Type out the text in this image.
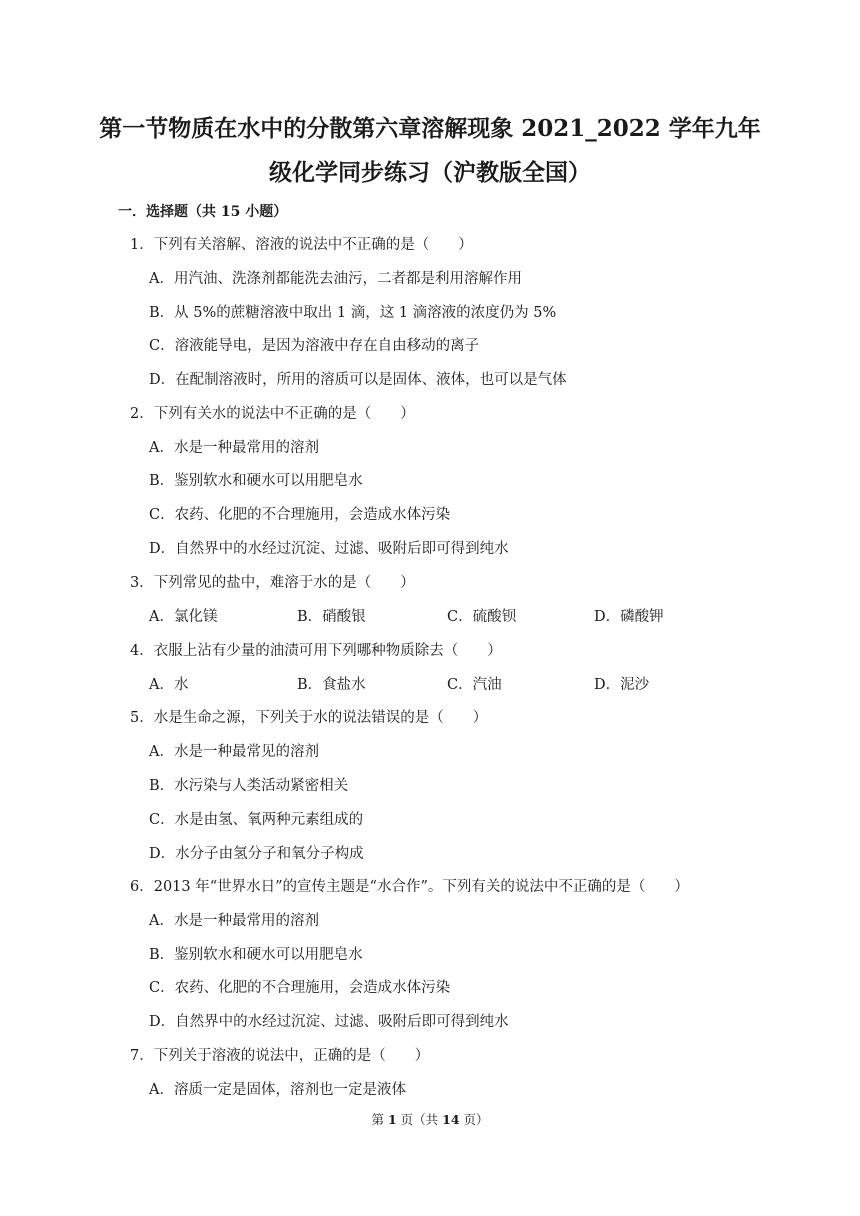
第一节物质在水中的分散第六章溶解现象 2021_2022 学年九年
级化学同步练习（沪教版全国）
一．选择题（共 15 小题）
1．下列有关溶解、溶液的说法中不正确的是（　　）
A．用汽油、洗涤剂都能洗去油污，二者都是利用溶解作用
B．从 5%的蔗糖溶液中取出 1 滴，这 1 滴溶液的浓度仍为 5%
C．溶液能导电，是因为溶液中存在自由移动的离子
D．在配制溶液时，所用的溶质可以是固体、液体，也可以是气体
2．下列有关水的说法中不正确的是（　　）
A．水是一种最常用的溶剂
B．鉴别软水和硬水可以用肥皂水
C．农药、化肥的不合理施用，会造成水体污染
D．自然界中的水经过沉淀、过滤、吸附后即可得到纯水
3．下列常见的盐中，难溶于水的是（　　）
A．氯化镁	B．硝酸银	C．硫酸钡	D．磷酸钾
4．衣服上沾有少量的油渍可用下列哪种物质除去（　　）
A．水	B．食盐水	C．汽油	D．泥沙
5．水是生命之源，下列关于水的说法错误的是（　　）
A．水是一种最常见的溶剂
B．水污染与人类活动紧密相关
C．水是由氢、氧两种元素组成的
D．水分子由氢分子和氧分子构成
6．2013 年“世界水日”的宣传主题是“水合作”。下列有关的说法中不正确的是（　　）
A．水是一种最常用的溶剂
B．鉴别软水和硬水可以用肥皂水
C．农药、化肥的不合理施用，会造成水体污染
D．自然界中的水经过沉淀、过滤、吸附后即可得到纯水
7．下列关于溶液的说法中，正确的是（　　）
A．溶质一定是固体，溶剂也一定是液体
第 1 页（共 14 页）
